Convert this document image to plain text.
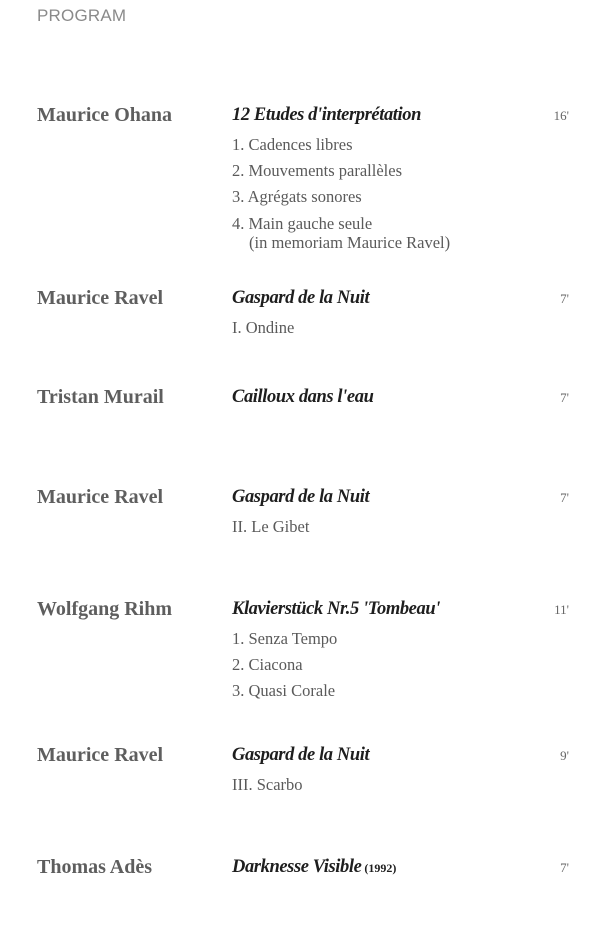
PROGRAM
Maurice Ohana	12 Etudes d'interprétation	16'
1. Cadences libres
2. Mouvements parallèles
3. Agrégats sonores
4. Main gauche seule
(in memoriam Maurice Ravel)
Maurice Ravel	Gaspard de la Nuit	7'
I. Ondine
Tristan Murail	Cailloux dans l'eau	7'
Maurice Ravel	Gaspard de la Nuit	7'
II. Le Gibet
Wolfgang Rihm	Klavierstück Nr.5 'Tombeau'	11'
1. Senza Tempo
2. Ciacona
3. Quasi Corale
Maurice Ravel	Gaspard de la Nuit	9'
III. Scarbo
Thomas Adès	Darknesse Visible (1992)	7'
